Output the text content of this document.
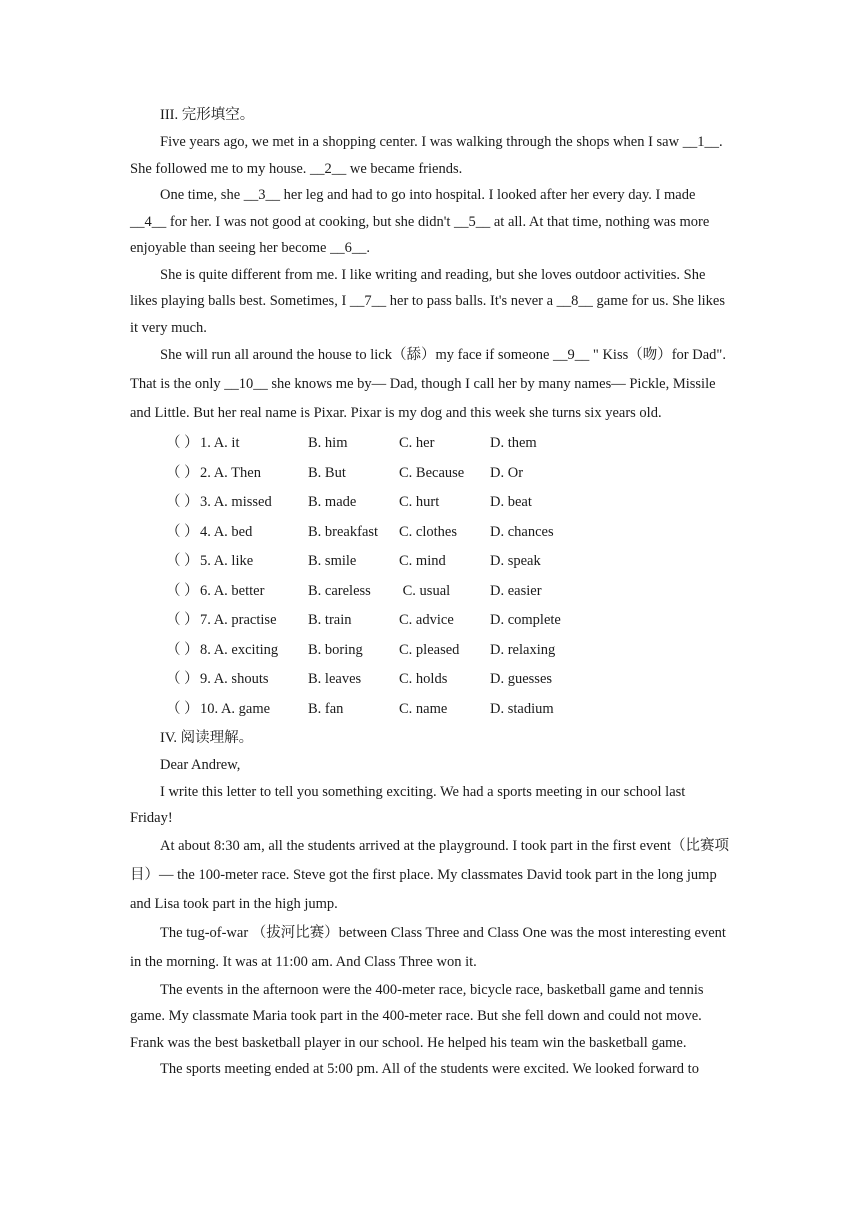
III. 完形填空。

Five years ago, we met in a shopping center. I was walking through the shops when I saw __1__. She followed me to my house. __2__ we became friends.

One time, she __3__ her leg and had to go into hospital. I looked after her every day. I made __4__ for her. I was not good at cooking, but she didn't __5__ at all. At that time, nothing was more enjoyable than seeing her become __6__.

She is quite different from me. I like writing and reading, but she loves outdoor activities. She likes playing balls best. Sometimes, I __7__ her to pass balls. It's never a __8__ game for us. She likes it very much.

She will run all around the house to lick（舔）my face if someone __9__ " Kiss（吻）for Dad". That is the only __10__ she knows me by— Dad, though I call her by many names— Pickle, Missile and Little. But her real name is Pixar. Pixar is my dog and this week she turns six years old.

（ ） 1. A. it	B. him	C. her	D. them
（ ） 2. A. Then	B. But	C. Because	D. Or
（ ） 3. A. missed	B. made	C. hurt	D. beat
（ ） 4. A. bed	B. breakfast	C. clothes	D. chances
（ ） 5. A. like	B. smile	C. mind	D. speak
（ ） 6. A. better	B. careless	C. usual	D. easier
（ ） 7. A. practise	B. train	C. advice	D. complete
（ ） 8. A. exciting	B. boring	C. pleased	D. relaxing
（ ） 9. A. shouts	B. leaves	C. holds	D. guesses
（ ） 10. A. game	B. fan	C. name	D. stadium
IV. 阅读理解。

Dear Andrew,

I write this letter to tell you something exciting. We had a sports meeting in our school last Friday!

At about 8:30 am, all the students arrived at the playground. I took part in the first event（比赛项目）— the 100-meter race. Steve got the first place. My classmates David took part in the long jump and Lisa took part in the high jump.

The tug-of-war （拔河比赛）between Class Three and Class One was the most interesting event in the morning. It was at 11:00 am. And Class Three won it.

The events in the afternoon were the 400-meter race, bicycle race, basketball game and tennis game. My classmate Maria took part in the 400-meter race. But she fell down and could not move. Frank was the best basketball player in our school. He helped his team win the basketball game.

The sports meeting ended at 5:00 pm. All of the students were excited. We looked forward to
